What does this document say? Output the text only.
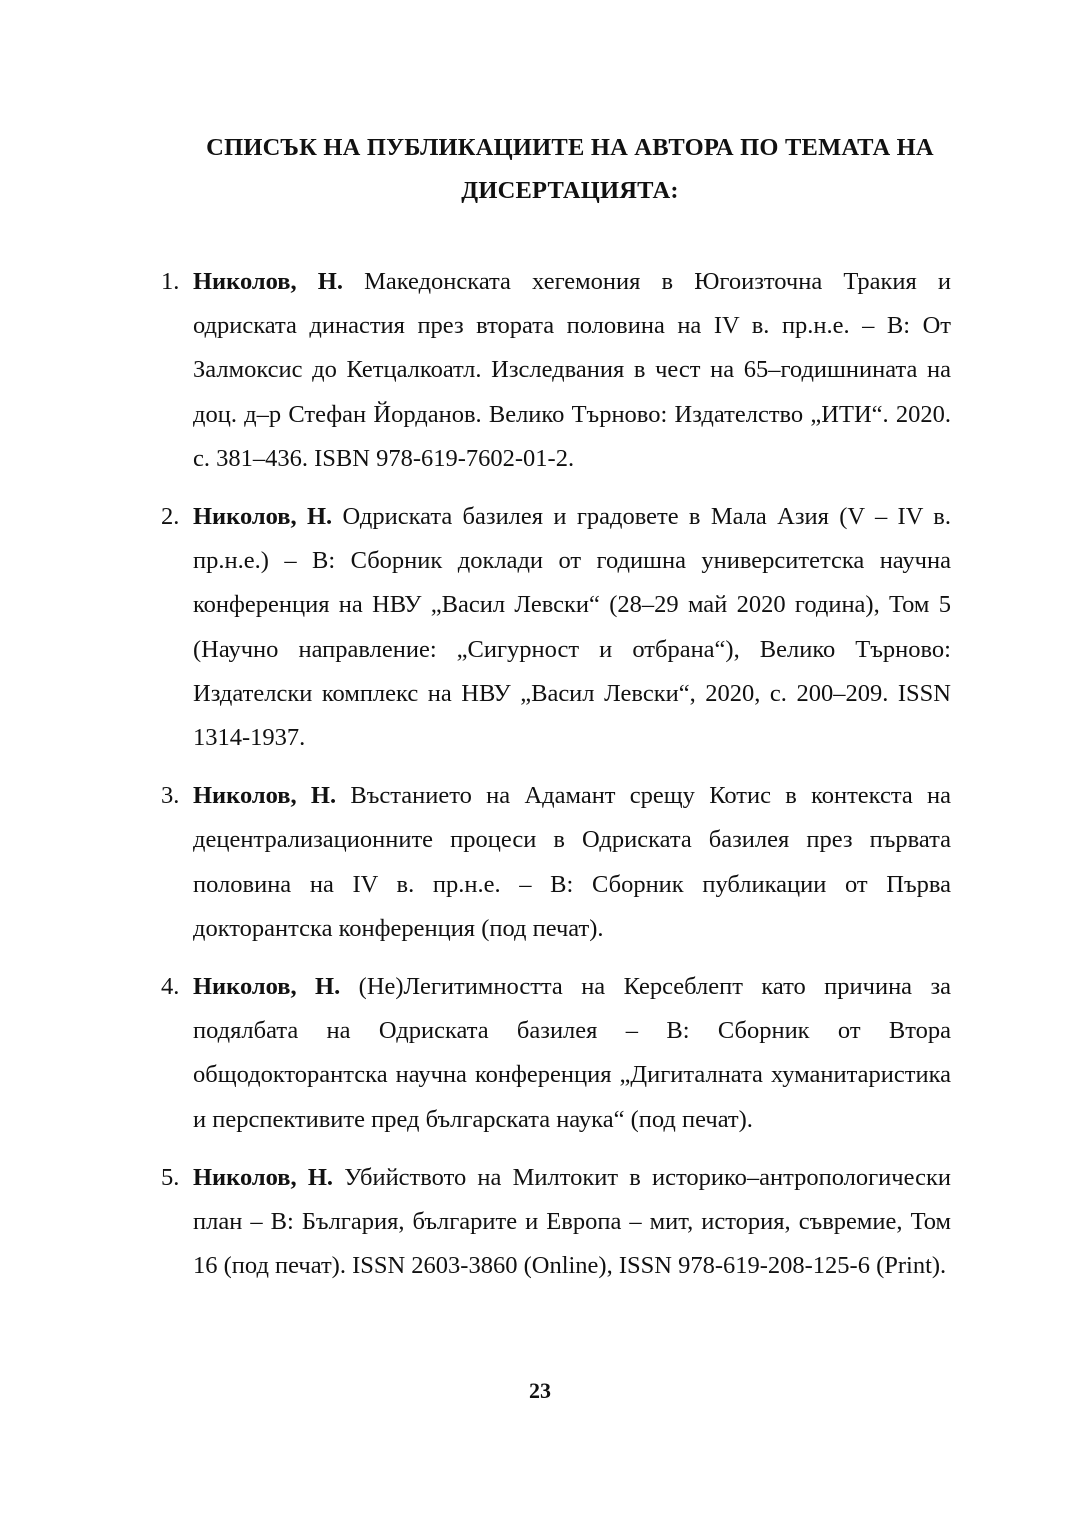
СПИСЪК НА ПУБЛИКАЦИИТЕ НА АВТОРА ПО ТЕМАТА НА
ДИСЕРТАЦИЯТА:
1. Николов, Н. Македонската хегемония в Югоизточна Тракия и одриската династия през втората половина на IV в. пр.н.е. – В: От Залмоксис до Кетцалкоатл. Изследвания в чест на 65–годишнината на доц. д–р Стефан Йорданов. Велико Търново: Издателство „ИТИ“. 2020. с. 381–436. ISBN 978-619-7602-01-2.
2. Николов, Н. Одриската базилея и градовете в Мала Азия (V – IV в. пр.н.е.) – В: Сборник доклади от годишна университетска научна конференция на НВУ „Васил Левски“ (28–29 май 2020 година), Том 5 (Научно направление: „Сигурност и отбрана“), Велико Търново: Издателски комплекс на НВУ „Васил Левски“, 2020, с. 200–209. ISSN 1314-1937.
3. Николов, Н. Въстанието на Адамант срещу Котис в контекста на децентрализационните процеси в Одриската базилея през първата половина на IV в. пр.н.е. – В: Сборник публикации от Първа докторантска конференция (под печат).
4. Николов, Н. (Не)Легитимността на Керсеблепт като причина за подялбата на Одриската базилея – В: Сборник от Втора общодокторантска научна конференция „Дигиталната хуманитаристика и перспективите пред българската наука“ (под печат).
5. Николов, Н. Убийството на Милтокит в историко–антропологически план – В: България, българите и Европа – мит, история, съвремие, Том 16 (под печат). ISSN 2603-3860 (Online), ISSN 978-619-208-125-6 (Print).
23
